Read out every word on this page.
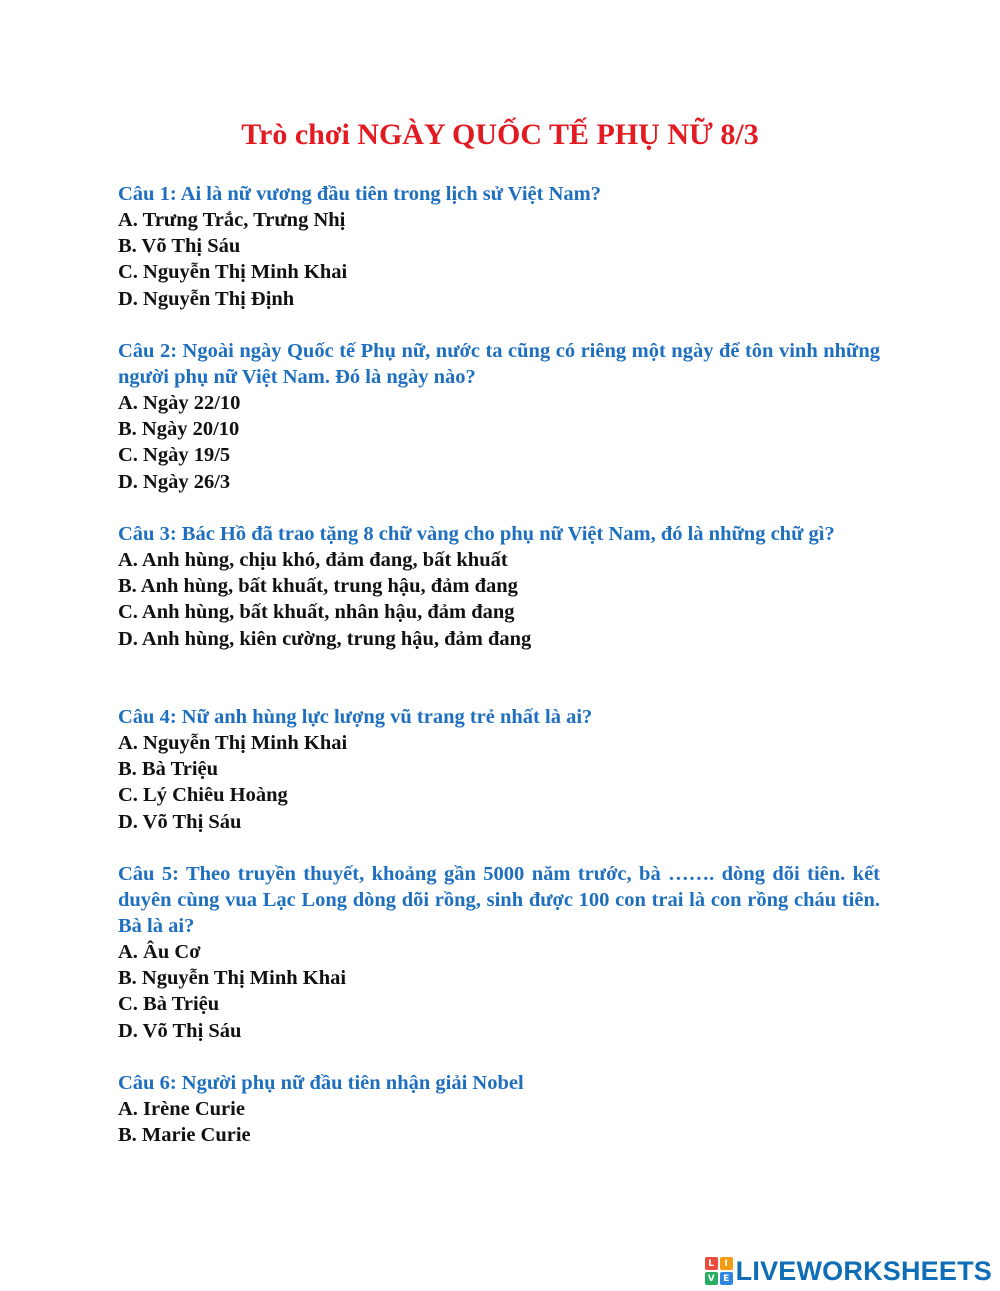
Trò chơi NGÀY QUỐC TẾ PHỤ NỮ 8/3
Câu 1: Ai là nữ vương đầu tiên trong lịch sử Việt Nam?
A. Trưng Trắc, Trưng Nhị
B. Võ Thị Sáu
C. Nguyễn Thị Minh Khai
D. Nguyễn Thị Định
Câu 2: Ngoài ngày Quốc tế Phụ nữ, nước ta cũng có riêng một ngày để tôn vinh những người phụ nữ Việt Nam. Đó là ngày nào?
A. Ngày 22/10
B. Ngày 20/10
C. Ngày 19/5
D. Ngày 26/3
Câu 3: Bác Hồ đã trao tặng 8 chữ vàng cho phụ nữ Việt Nam, đó là những chữ gì?
A. Anh hùng, chịu khó, đảm đang, bất khuất
B. Anh hùng, bất khuất, trung hậu, đảm đang
C. Anh hùng, bất khuất, nhân hậu, đảm đang
D. Anh hùng, kiên cường, trung hậu, đảm đang
Câu 4: Nữ anh hùng lực lượng vũ trang trẻ nhất là ai?
A. Nguyễn Thị Minh Khai
B. Bà Triệu
C. Lý Chiêu Hoàng
D. Võ Thị Sáu
Câu 5: Theo truyền thuyết, khoảng gần 5000 năm trước, bà ……. dòng dõi tiên. kết duyên cùng vua Lạc Long dòng dõi rồng, sinh được 100 con trai là con rồng cháu tiên. Bà là ai?
A. Âu Cơ
B. Nguyễn Thị Minh Khai
C. Bà Triệu
D. Võ Thị Sáu
Câu 6: Người phụ nữ đầu tiên nhận giải Nobel
A. Irène Curie
B. Marie Curie
L	I
V E LIVEWORKSHEETS
